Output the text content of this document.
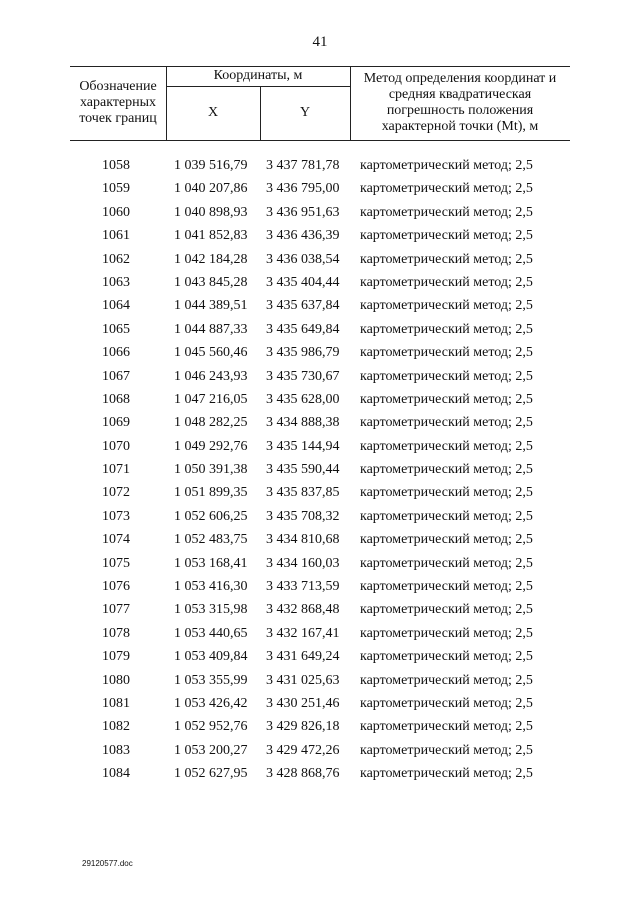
41
Обозначение характерных точек границ
Координаты, м
X	Y
Метод определения координат и средняя квадратическая погрешность положения характерной точки (Mt), м
1058	1 039 516,79	3 437 781,78	картометрический метод; 2,5
1059	1 040 207,86	3 436 795,00	картометрический метод; 2,5
1060	1 040 898,93	3 436 951,63	картометрический метод; 2,5
1061	1 041 852,83	3 436 436,39	картометрический метод; 2,5
1062	1 042 184,28	3 436 038,54	картометрический метод; 2,5
1063	1 043 845,28	3 435 404,44	картометрический метод; 2,5
1064	1 044 389,51	3 435 637,84	картометрический метод; 2,5
1065	1 044 887,33	3 435 649,84	картометрический метод; 2,5
1066	1 045 560,46	3 435 986,79	картометрический метод; 2,5
1067	1 046 243,93	3 435 730,67	картометрический метод; 2,5
1068	1 047 216,05	3 435 628,00	картометрический метод; 2,5
1069	1 048 282,25	3 434 888,38	картометрический метод; 2,5
1070	1 049 292,76	3 435 144,94	картометрический метод; 2,5
1071	1 050 391,38	3 435 590,44	картометрический метод; 2,5
1072	1 051 899,35	3 435 837,85	картометрический метод; 2,5
1073	1 052 606,25	3 435 708,32	картометрический метод; 2,5
1074	1 052 483,75	3 434 810,68	картометрический метод; 2,5
1075	1 053 168,41	3 434 160,03	картометрический метод; 2,5
1076	1 053 416,30	3 433 713,59	картометрический метод; 2,5
1077	1 053 315,98	3 432 868,48	картометрический метод; 2,5
1078	1 053 440,65	3 432 167,41	картометрический метод; 2,5
1079	1 053 409,84	3 431 649,24	картометрический метод; 2,5
1080	1 053 355,99	3 431 025,63	картометрический метод; 2,5
1081	1 053 426,42	3 430 251,46	картометрический метод; 2,5
1082	1 052 952,76	3 429 826,18	картометрический метод; 2,5
1083	1 053 200,27	3 429 472,26	картометрический метод; 2,5
1084	1 052 627,95	3 428 868,76	картометрический метод; 2,5
29120577.doc
